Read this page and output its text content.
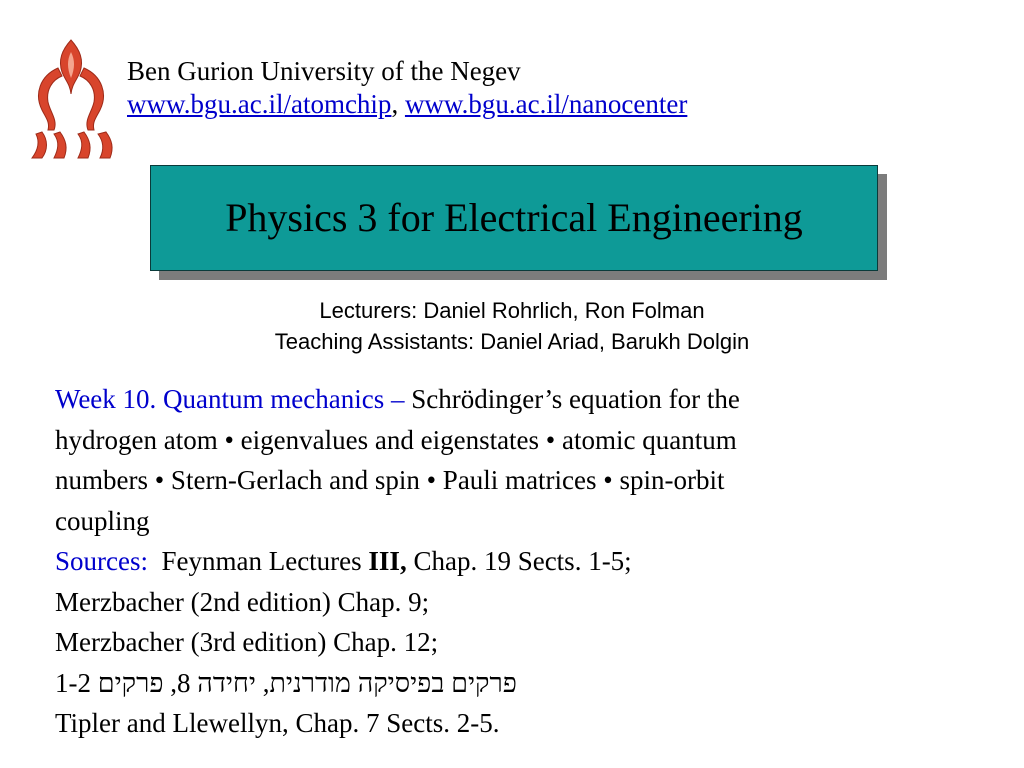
Ben Gurion University of the Negev
www.bgu.ac.il/atomchip, www.bgu.ac.il/nanocenter
Physics 3 for Electrical Engineering
Lecturers: Daniel Rohrlich, Ron Folman
Teaching Assistants: Daniel Ariad, Barukh Dolgin
Week 10. Quantum mechanics – Schrödinger’s equation for the
hydrogen atom • eigenvalues and eigenstates • atomic quantum
numbers • Stern-Gerlach and spin • Pauli matrices • spin-orbit
coupling
Sources:  Feynman Lectures III, Chap. 19 Sects. 1-5;
Merzbacher (2nd edition) Chap. 9;
Merzbacher (3rd edition) Chap. 12;
1-2 פרקים בפיסיקה מודרנית, יחידה 8, פרקים
Tipler and Llewellyn, Chap. 7 Sects. 2-5.
